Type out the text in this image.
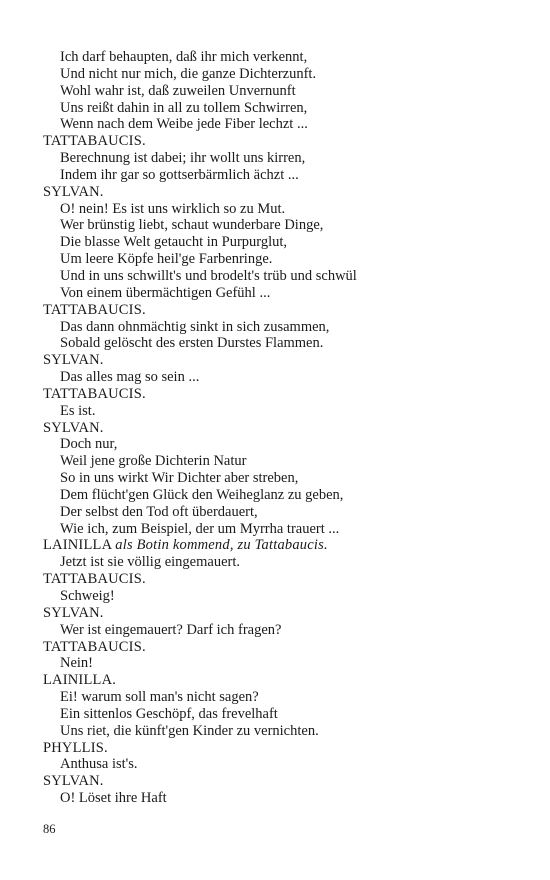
Ich darf behaupten, daß ihr mich verkennt,
Und nicht nur mich, die ganze Dichterzunft.
Wohl wahr ist, daß zuweilen Unvernunft
Uns reißt dahin in all zu tollem Schwirren,
Wenn nach dem Weibe jede Fiber lechzt ...
TATTABAUCIS.
Berechnung ist dabei; ihr wollt uns kirren,
Indem ihr gar so gottserbärmlich ächzt ...
SYLVAN.
O! nein! Es ist uns wirklich so zu Mut.
Wer brünstig liebt, schaut wunderbare Dinge,
Die blasse Welt getaucht in Purpurglut,
Um leere Köpfe heil'ge Farbenringe.
Und in uns schwillt's und brodelt's trüb und schwül
Von einem übermächtigen Gefühl ...
TATTABAUCIS.
Das dann ohnmächtig sinkt in sich zusammen,
Sobald gelöscht des ersten Durstes Flammen.
SYLVAN.
Das alles mag so sein ...
TATTABAUCIS.
Es ist.
SYLVAN.
Doch nur,
Weil jene große Dichterin Natur
So in uns wirkt Wir Dichter aber streben,
Dem flücht'gen Glück den Weiheglanz zu geben,
Der selbst den Tod oft überdauert,
Wie ich, zum Beispiel, der um Myrrha trauert ...
LAINILLA als Botin kommend, zu Tattabaucis.
Jetzt ist sie völlig eingemauert.
TATTABAUCIS.
Schweig!
SYLVAN.
Wer ist eingemauert? Darf ich fragen?
TATTABAUCIS.
Nein!
LAINILLA.
Ei! warum soll man's nicht sagen?
Ein sittenlos Geschöpf, das frevelhaft
Uns riet, die künft'gen Kinder zu vernichten.
PHYLLIS.
Anthusa ist's.
SYLVAN.
O! Löset ihre Haft
86
